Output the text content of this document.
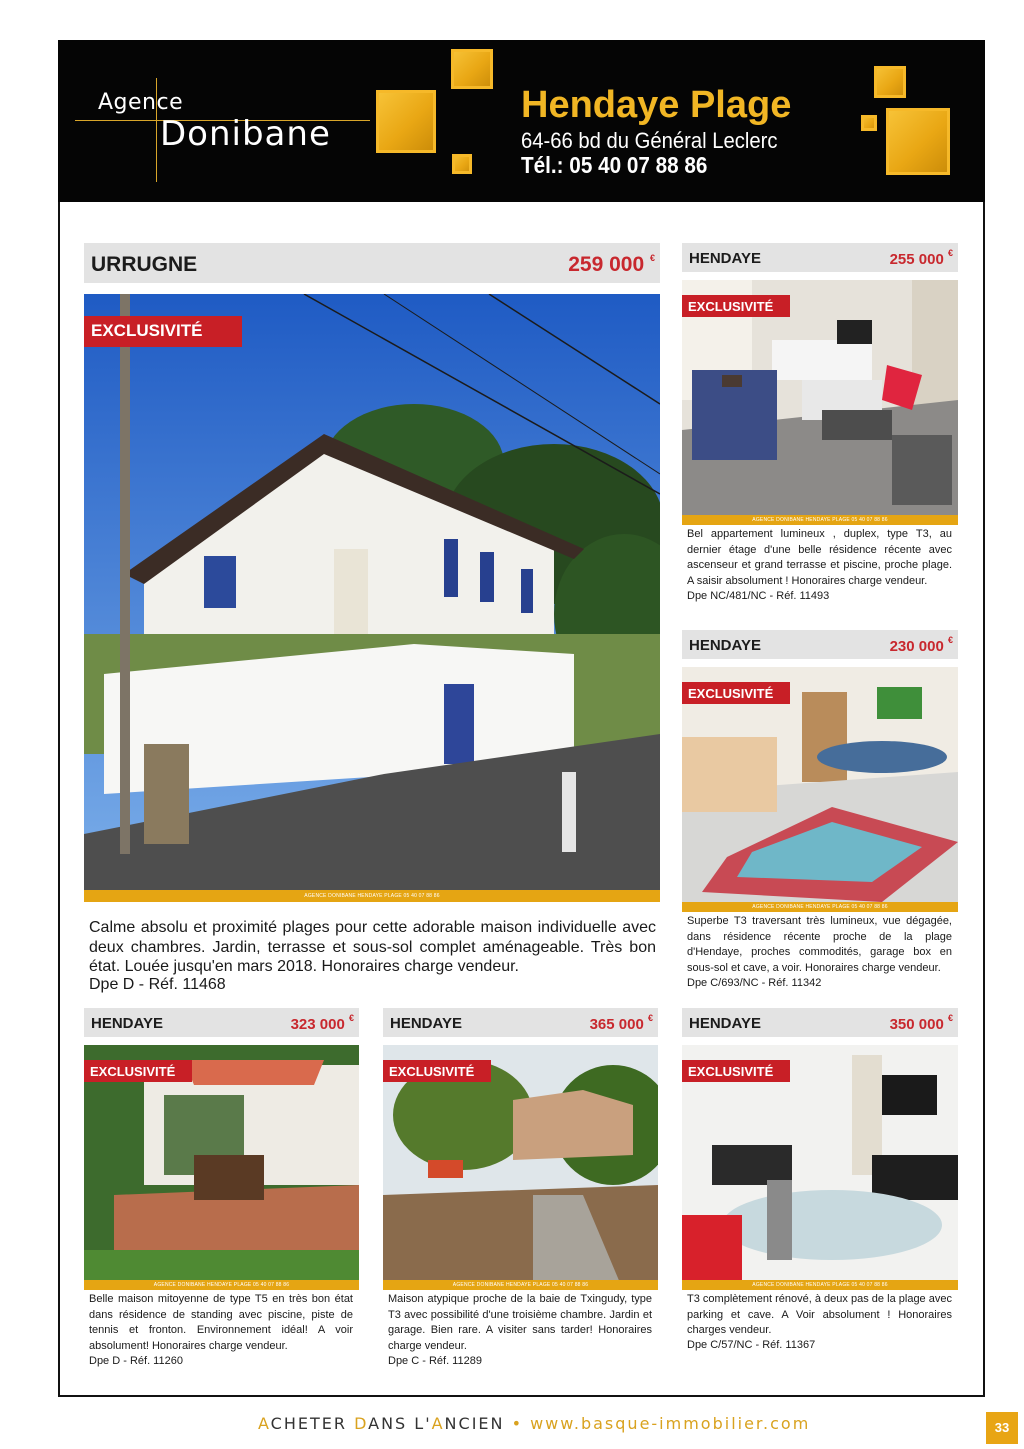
Agence
Donibane
Hendaye Plage
64-66 bd du Général Leclerc
Tél.: 05 40 07 88 86
URRUGNE	259 000 €
EXCLUSIVITÉ
AGENCE DONIBANE HENDAYE PLAGE 05 40 07 88 86
Calme absolu et proximité plages pour cette adorable maison individuelle avec deux chambres. Jardin, terrasse et sous-sol complet aménageable. Très bon état. Louée jusqu'en mars 2018. Honoraires charge vendeur.
Dpe D - Réf. 11468
HENDAYE	255 000 €
EXCLUSIVITÉ
AGENCE DONIBANE HENDAYE PLAGE 05 40 07 88 86
Bel appartement lumineux , duplex, type T3, au dernier étage d'une belle résidence récente avec ascenseur et grand terrasse et piscine, proche plage. A saisir absolument ! Honoraires charge vendeur.
Dpe NC/481/NC - Réf. 11493
HENDAYE	230 000 €
EXCLUSIVITÉ
AGENCE DONIBANE HENDAYE PLAGE 05 40 07 88 86
Superbe T3 traversant très lumineux, vue dégagée, dans résidence récente proche de la plage d'Hendaye, proches commodités, garage box en sous-sol et cave, a voir. Honoraires charge vendeur.
Dpe C/693/NC - Réf. 11342
HENDAYE	323 000 €
EXCLUSIVITÉ
AGENCE DONIBANE HENDAYE PLAGE 05 40 07 88 86
Belle maison mitoyenne de type T5 en très bon état dans résidence de standing avec piscine, piste de tennis et fronton. Environnement idéal! A voir absolument! Honoraires charge vendeur.
Dpe D - Réf. 11260
HENDAYE	365 000 €
EXCLUSIVITÉ
AGENCE DONIBANE HENDAYE PLAGE 05 40 07 88 86
Maison atypique proche de la baie de Txingudy, type T3 avec possibilité d'une troisième chambre. Jardin et garage. Bien rare. A visiter sans tarder! Honoraires charge vendeur.
Dpe C - Réf. 11289
HENDAYE	350 000 €
EXCLUSIVITÉ
AGENCE DONIBANE HENDAYE PLAGE 05 40 07 88 86
T3 complètement rénové, à deux pas de la plage avec parking et cave. A Voir absolument ! Honoraires charges vendeur.
Dpe C/57/NC - Réf. 11367
ACHETER DANS L'ANCIEN • www.basque-immobilier.com	33
